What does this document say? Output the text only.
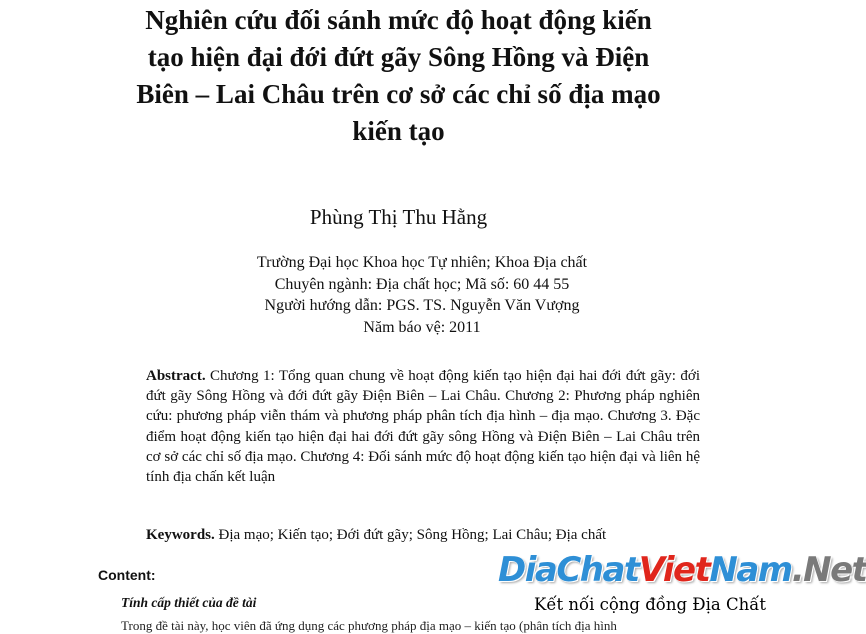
Nghiên cứu đối sánh mức độ hoạt động kiến
tạo hiện đại đới đứt gãy Sông Hồng và Điện
Biên – Lai Châu trên cơ sở các chỉ số địa mạo
kiến tạo
Phùng Thị Thu Hằng
Trường Đại học Khoa học Tự nhiên; Khoa Địa chất
Chuyên ngành: Địa chất học; Mã số: 60 44 55
Người hướng dẫn: PGS. TS. Nguyễn Văn Vượng
Năm báo vệ: 2011

Abstract. Chương 1: Tổng quan chung về hoạt động kiến tạo hiện đại hai đới đứt gãy: đới đứt gãy Sông Hồng và đới đứt gãy Điện Biên – Lai Châu. Chương 2: Phương pháp nghiên cứu: phương pháp viễn thám và phương pháp phân tích địa hình – địa mạo. Chương 3. Đặc điểm hoạt động kiến tạo hiện đại hai đới đứt gãy sông Hồng và Điện Biên – Lai Châu trên cơ sở các chỉ số địa mạo. Chương 4: Đối sánh mức độ hoạt động kiến tạo hiện đại và liên hệ tính địa chấn kết luận

Keywords. Địa mạo; Kiến tạo; Đới đứt gãy; Sông Hồng; Lai Châu; Địa chất
Content:
Tính cấp thiết của đề tài
Trong đề tài này, học viên đã ứng dụng các phương pháp địa mạo – kiến tạo (phân tích địa hình
DiaChatVietNam.Net
Kết nối cộng đồng Địa Chất
